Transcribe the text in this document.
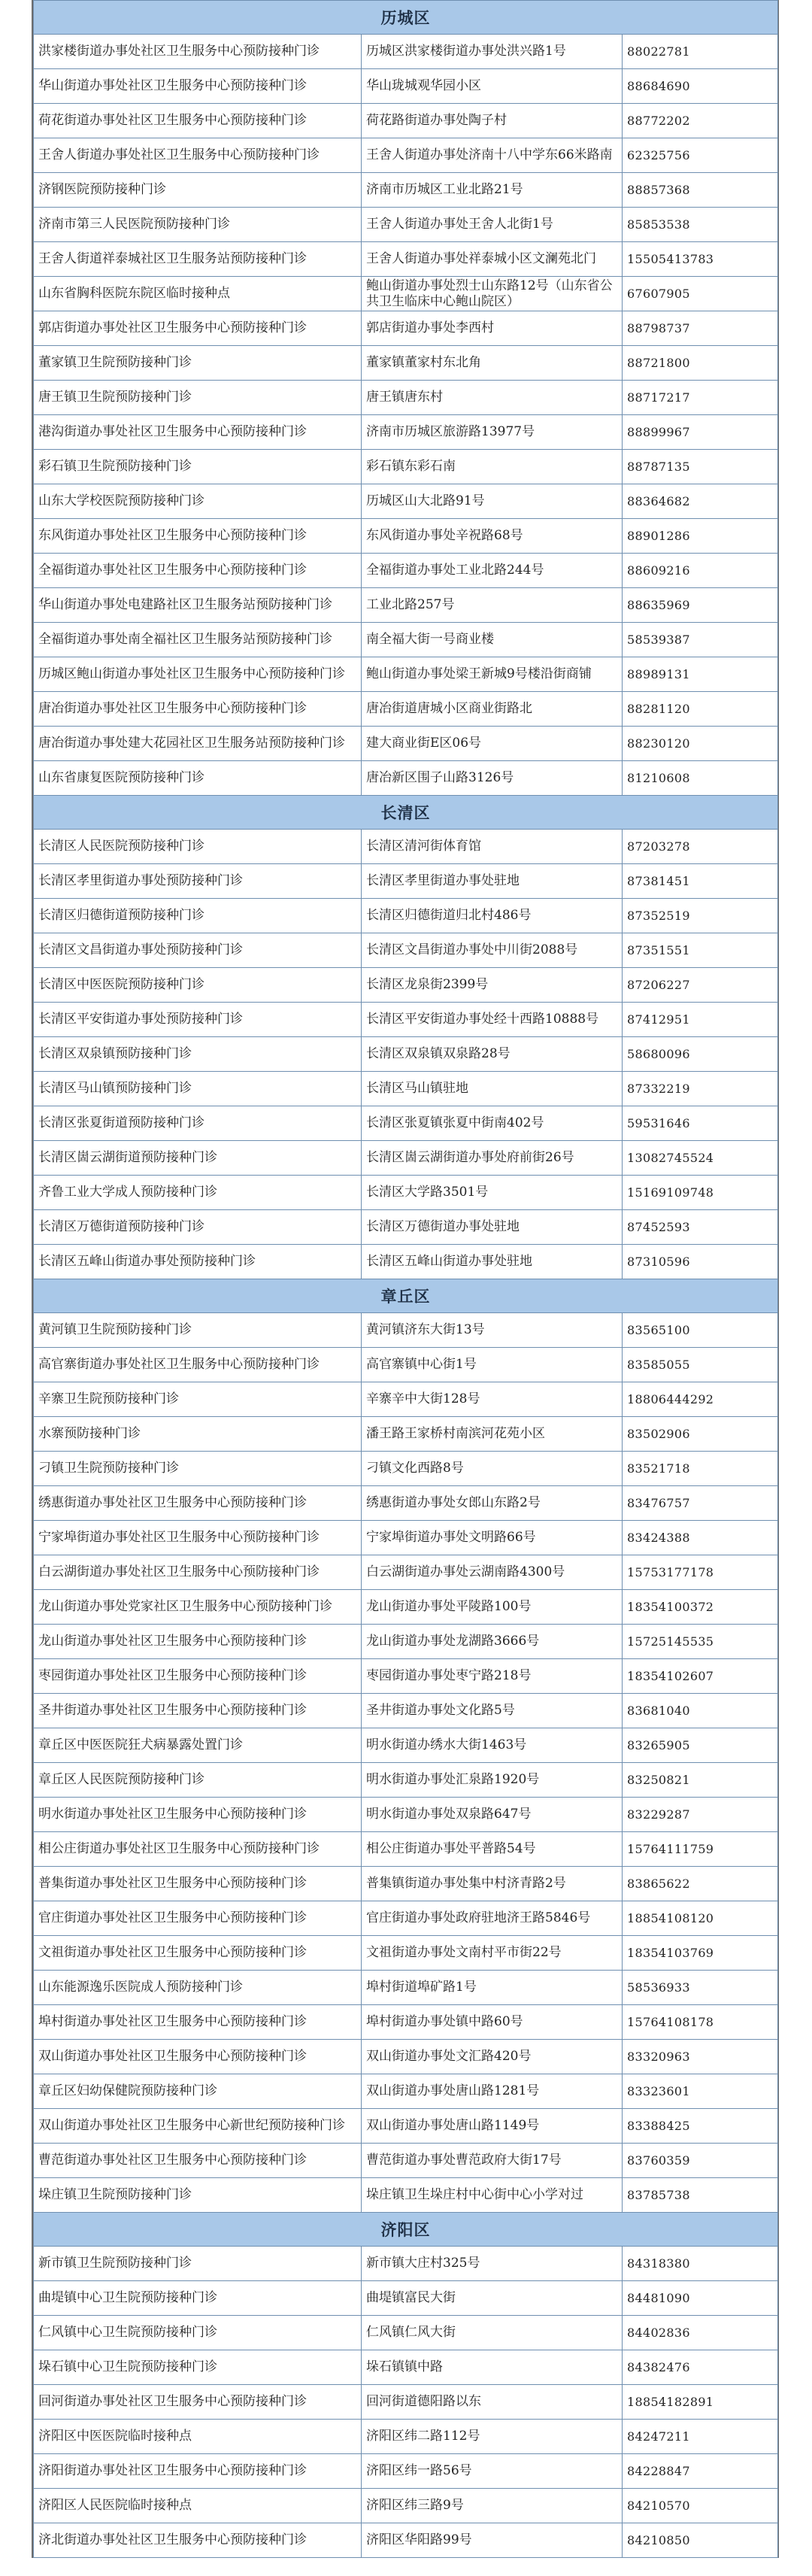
历城区		
洪家楼街道办事处社区卫生服务中心预防接种门诊	历城区洪家楼街道办事处洪兴路1号	88022781
华山街道办事处社区卫生服务中心预防接种门诊	华山珑城观华园小区	88684690
荷花街道办事处社区卫生服务中心预防接种门诊	荷花路街道办事处陶子村	88772202
王舍人街道办事处社区卫生服务中心预防接种门诊	王舍人街道办事处济南十八中学东66米路南	62325756
济钢医院预防接种门诊	济南市历城区工业北路21号	88857368
济南市第三人民医院预防接种门诊	王舍人街道办事处王舍人北街1号	85853538
王舍人街道祥泰城社区卫生服务站预防接种门诊	王舍人街道办事处祥泰城小区文澜苑北门	15505413783
山东省胸科医院东院区临时接种点	鲍山街道办事处烈士山东路12号（山东省公共卫生临床中心鲍山院区）	67607905
郭店街道办事处社区卫生服务中心预防接种门诊	郭店街道办事处李西村	88798737
董家镇卫生院预防接种门诊	董家镇董家村东北角	88721800
唐王镇卫生院预防接种门诊	唐王镇唐东村	88717217
港沟街道办事处社区卫生服务中心预防接种门诊	济南市历城区旅游路13977号	88899967
彩石镇卫生院预防接种门诊	彩石镇东彩石南	88787135
山东大学校医院预防接种门诊	历城区山大北路91号	88364682
东风街道办事处社区卫生服务中心预防接种门诊	东风街道办事处辛祝路68号	88901286
全福街道办事处社区卫生服务中心预防接种门诊	全福街道办事处工业北路244号	88609216
华山街道办事处电建路社区卫生服务站预防接种门诊	工业北路257号	88635969
全福街道办事处南全福社区卫生服务站预防接种门诊	南全福大街一号商业楼	58539387
历城区鲍山街道办事处社区卫生服务中心预防接种门诊	鲍山街道办事处梁王新城9号楼沿街商铺	88989131
唐冶街道办事处社区卫生服务中心预防接种门诊	唐冶街道唐城小区商业街路北	88281120
唐冶街道办事处建大花园社区卫生服务站预防接种门诊	建大商业街E区06号	88230120
山东省康复医院预防接种门诊	唐冶新区围子山路3126号	81210608
长清区		
长清区人民医院预防接种门诊	长清区清河街体育馆	87203278
长清区孝里街道办事处预防接种门诊	长清区孝里街道办事处驻地	87381451
长清区归德街道预防接种门诊	长清区归德街道归北村486号	87352519
长清区文昌街道办事处预防接种门诊	长清区文昌街道办事处中川街2088号	87351551
长清区中医医院预防接种门诊	长清区龙泉街2399号	87206227
长清区平安街道办事处预防接种门诊	长清区平安街道办事处经十西路10888号	87412951
长清区双泉镇预防接种门诊	长清区双泉镇双泉路28号	58680096
长清区马山镇预防接种门诊	长清区马山镇驻地	87332219
长清区张夏街道预防接种门诊	长清区张夏镇张夏中街南402号	59531646
长清区崮云湖街道预防接种门诊	长清区崮云湖街道办事处府前街26号	13082745524
齐鲁工业大学成人预防接种门诊	长清区大学路3501号	15169109748
长清区万德街道预防接种门诊	长清区万德街道办事处驻地	87452593
长清区五峰山街道办事处预防接种门诊	长清区五峰山街道办事处驻地	87310596
章丘区		
黄河镇卫生院预防接种门诊	黄河镇济东大街13号	83565100
高官寨街道办事处社区卫生服务中心预防接种门诊	高官寨镇中心街1号	83585055
辛寨卫生院预防接种门诊	辛寨辛中大街128号	18806444292
水寨预防接种门诊	潘王路王家桥村南滨河花苑小区	83502906
刁镇卫生院预防接种门诊	刁镇文化西路8号	83521718
绣惠街道办事处社区卫生服务中心预防接种门诊	绣惠街道办事处女郎山东路2号	83476757
宁家埠街道办事处社区卫生服务中心预防接种门诊	宁家埠街道办事处文明路66号	83424388
白云湖街道办事处社区卫生服务中心预防接种门诊	白云湖街道办事处云湖南路4300号	15753177178
龙山街道办事处党家社区卫生服务中心预防接种门诊	龙山街道办事处平陵路100号	18354100372
龙山街道办事处社区卫生服务中心预防接种门诊	龙山街道办事处龙湖路3666号	15725145535
枣园街道办事处社区卫生服务中心预防接种门诊	枣园街道办事处枣宁路218号	18354102607
圣井街道办事处社区卫生服务中心预防接种门诊	圣井街道办事处文化路5号	83681040
章丘区中医医院狂犬病暴露处置门诊	明水街道办绣水大街1463号	83265905
章丘区人民医院预防接种门诊	明水街道办事处汇泉路1920号	83250821
明水街道办事处社区卫生服务中心预防接种门诊	明水街道办事处双泉路647号	83229287
相公庄街道办事处社区卫生服务中心预防接种门诊	相公庄街道办事处平普路54号	15764111759
普集街道办事处社区卫生服务中心预防接种门诊	普集镇街道办事处集中村济青路2号	83865622
官庄街道办事处社区卫生服务中心预防接种门诊	官庄街道办事处政府驻地济王路5846号	18854108120
文祖街道办事处社区卫生服务中心预防接种门诊	文祖街道办事处文南村平市街22号	18354103769
山东能源逸乐医院成人预防接种门诊	埠村街道埠矿路1号	58536933
埠村街道办事处社区卫生服务中心预防接种门诊	埠村街道办事处镇中路60号	15764108178
双山街道办事处社区卫生服务中心预防接种门诊	双山街道办事处文汇路420号	83320963
章丘区妇幼保健院预防接种门诊	双山街道办事处唐山路1281号	83323601
双山街道办事处社区卫生服务中心新世纪预防接种门诊	双山街道办事处唐山路1149号	83388425
曹范街道办事处社区卫生服务中心预防接种门诊	曹范街道办事处曹范政府大街17号	83760359
垛庄镇卫生院预防接种门诊	垛庄镇卫生垛庄村中心街中心小学对过	83785738
济阳区		
新市镇卫生院预防接种门诊	新市镇大庄村325号	84318380
曲堤镇中心卫生院预防接种门诊	曲堤镇富民大街	84481090
仁风镇中心卫生院预防接种门诊	仁风镇仁风大街	84402836
垛石镇中心卫生院预防接种门诊	垛石镇镇中路	84382476
回河街道办事处社区卫生服务中心预防接种门诊	回河街道德阳路以东	18854182891
济阳区中医医院临时接种点	济阳区纬二路112号	84247211
济阳街道办事处社区卫生服务中心预防接种门诊	济阳区纬一路56号	84228847
济阳区人民医院临时接种点	济阳区纬三路9号	84210570
济北街道办事处社区卫生服务中心预防接种门诊	济阳区华阳路99号	84210850
